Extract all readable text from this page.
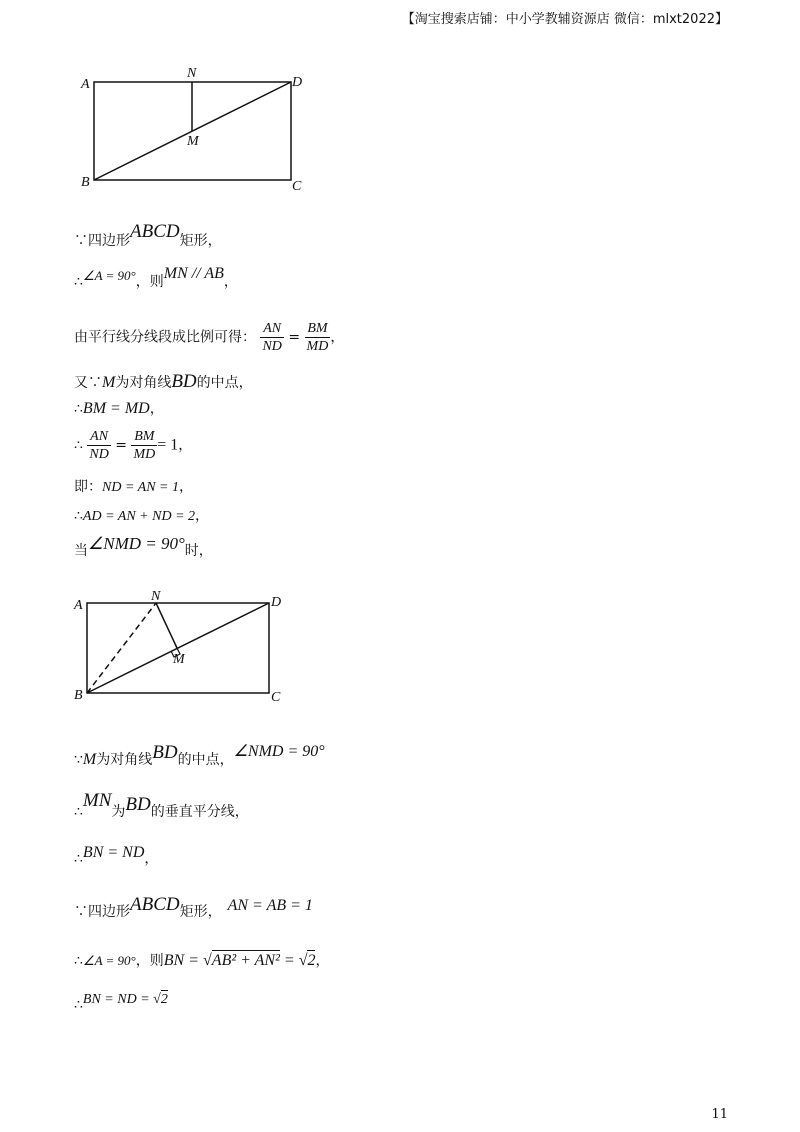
【淘宝搜索店铺：中小学教辅资源店 微信：mlxt2022】
A
N
D
M
B	C
∵四边形ABCD矩形，
∴∠A = 90°，则MN // AB，
由平行线分线段成比例可得： $\frac{AN}{ND} = \frac{BM}{MD}$ ，
又∵M为对角线BD的中点，
∴BM = MD，
∴ $\frac{AN}{ND} = \frac{BM}{MD} = 1$，
即：ND = AN = 1，
∴AD = AN + ND = 2，
当∠NMD = 90°时，
A
N	D
M
B	C
∵M为对角线BD的中点，∠NMD = 90°
∴MN为BD的垂直平分线，
∴BN = ND，
∵四边形ABCD矩形， AN = AB = 1
∴∠A = 90°，则BN = √AB² + AN² = √2，
∴BN = ND = √2
11
